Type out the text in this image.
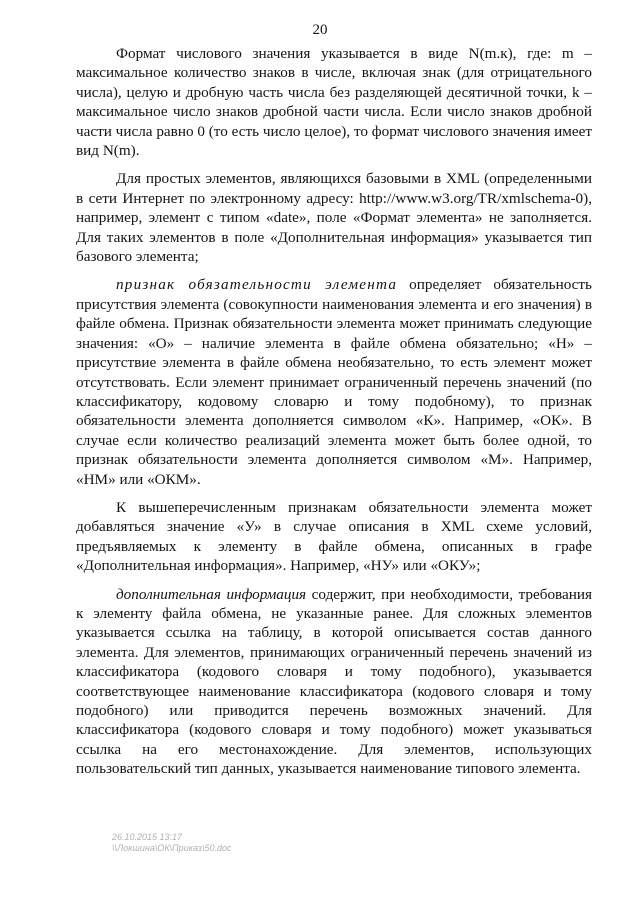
20

Формат числового значения указывается в виде N(m.к), где: m – максимальное количество знаков в числе, включая знак (для отрицательного числа), целую и дробную часть числа без разделяющей десятичной точки, k – максимальное число знаков дробной части числа. Если число знаков дробной части числа равно 0 (то есть число целое), то формат числового значения имеет вид N(m).

Для простых элементов, являющихся базовыми в XML (определенными в сети Интернет по электронному адресу: http://www.w3.org/TR/xmlschema-0), например, элемент с типом «date», поле «Формат элемента» не заполняется. Для таких элементов в поле «Дополнительная информация» указывается тип базового элемента;

признак обязательности элемента определяет обязательность присутствия элемента (совокупности наименования элемента и его значения) в файле обмена. Признак обязательности элемента может принимать следующие значения: «О» – наличие элемента в файле обмена обязательно; «Н» – присутствие элемента в файле обмена необязательно, то есть элемент может отсутствовать. Если элемент принимает ограниченный перечень значений (по классификатору, кодовому словарю и тому подобному), то признак обязательности элемента дополняется символом «К». Например, «ОК». В случае если количество реализаций элемента может быть более одной, то признак обязательности элемента дополняется символом «М». Например, «НМ» или «ОКМ».

К вышеперечисленным признакам обязательности элемента может добавляться значение «У» в случае описания в XML схеме условий, предъявляемых к элементу в файле обмена, описанных в графе «Дополнительная информация». Например, «НУ» или «ОКУ»;

дополнительная информация содержит, при необходимости, требования к элементу файла обмена, не указанные ранее. Для сложных элементов указывается ссылка на таблицу, в которой описывается состав данного элемента. Для элементов, принимающих ограниченный перечень значений из классификатора (кодового словаря и тому подобного), указывается соответствующее наименование классификатора (кодового словаря и тому подобного) или приводится перечень возможных значений. Для классификатора (кодового словаря и тому подобного) может указываться ссылка на его местонахождение. Для элементов, использующих пользовательский тип данных, указывается наименование типового элемента.

26.10.2015 13:17
\\Локшина\ОК\Приказ\50.doc
